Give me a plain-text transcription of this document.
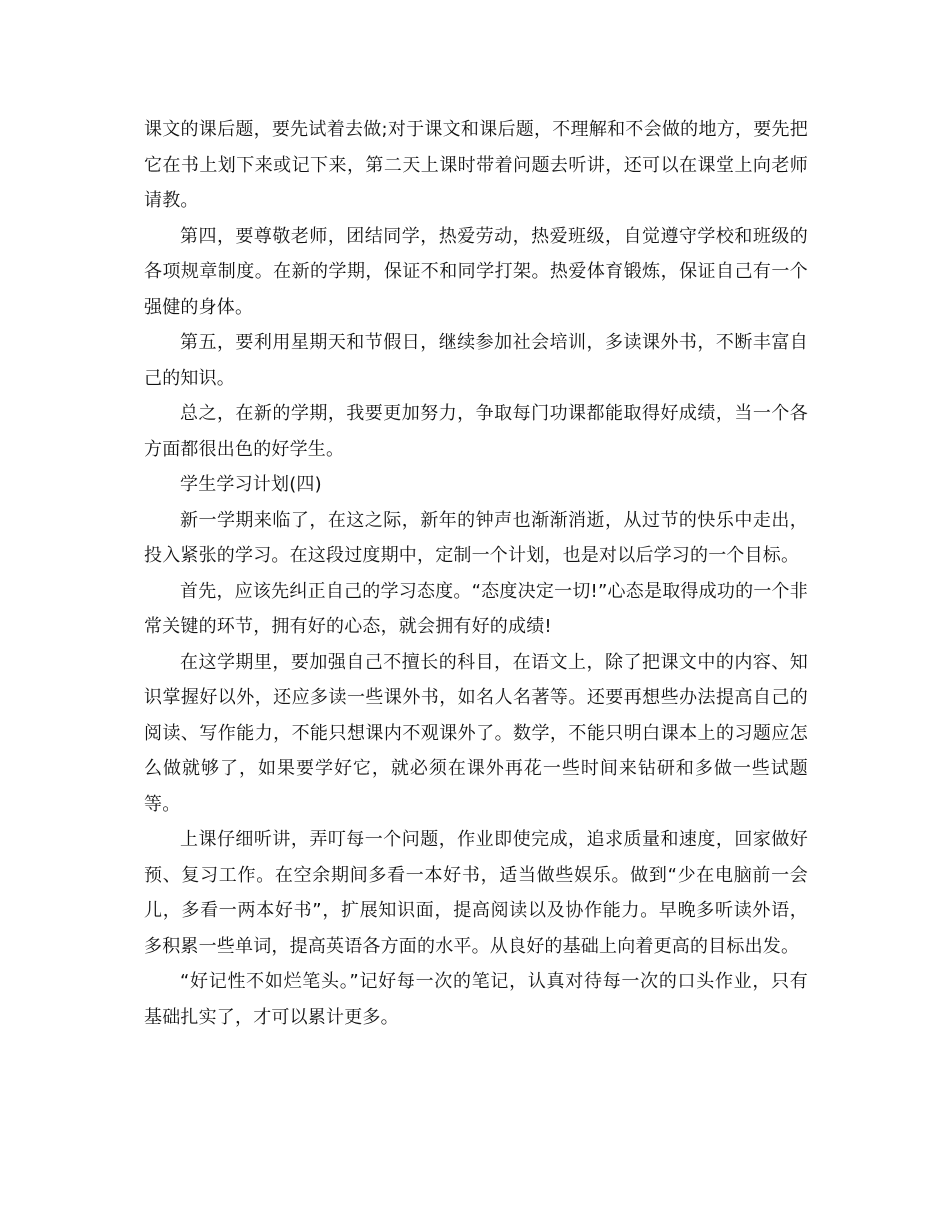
课文的课后题，要先试着去做;对于课文和课后题，不理解和不会做的地方，要先把它在书上划下来或记下来，第二天上课时带着问题去听讲，还可以在课堂上向老师请教。

第四，要尊敬老师，团结同学，热爱劳动，热爱班级，自觉遵守学校和班级的各项规章制度。在新的学期，保证不和同学打架。热爱体育锻炼，保证自己有一个强健的身体。

第五，要利用星期天和节假日，继续参加社会培训，多读课外书，不断丰富自己的知识。

总之，在新的学期，我要更加努力，争取每门功课都能取得好成绩，当一个各方面都很出色的好学生。

学生学习计划(四)

新一学期来临了，在这之际，新年的钟声也渐渐消逝，从过节的快乐中走出，投入紧张的学习。在这段过度期中，定制一个计划，也是对以后学习的一个目标。

首先，应该先纠正自己的学习态度。“态度决定一切!”心态是取得成功的一个非常关键的环节，拥有好的心态，就会拥有好的成绩!

在这学期里，要加强自己不擅长的科目，在语文上，除了把课文中的内容、知识掌握好以外，还应多读一些课外书，如名人名著等。还要再想些办法提高自己的阅读、写作能力，不能只想课内不观课外了。数学，不能只明白课本上的习题应怎么做就够了，如果要学好它，就必须在课外再花一些时间来钻研和多做一些试题等。

上课仔细听讲，弄叮每一个问题，作业即使完成，追求质量和速度，回家做好预、复习工作。在空余期间多看一本好书，适当做些娱乐。做到“少在电脑前一会儿，多看一两本好书”，扩展知识面，提高阅读以及协作能力。早晚多听读外语，多积累一些单词，提高英语各方面的水平。从良好的基础上向着更高的目标出发。

“好记性不如烂笔头。”记好每一次的笔记，认真对待每一次的口头作业，只有基础扎实了，才可以累计更多。
